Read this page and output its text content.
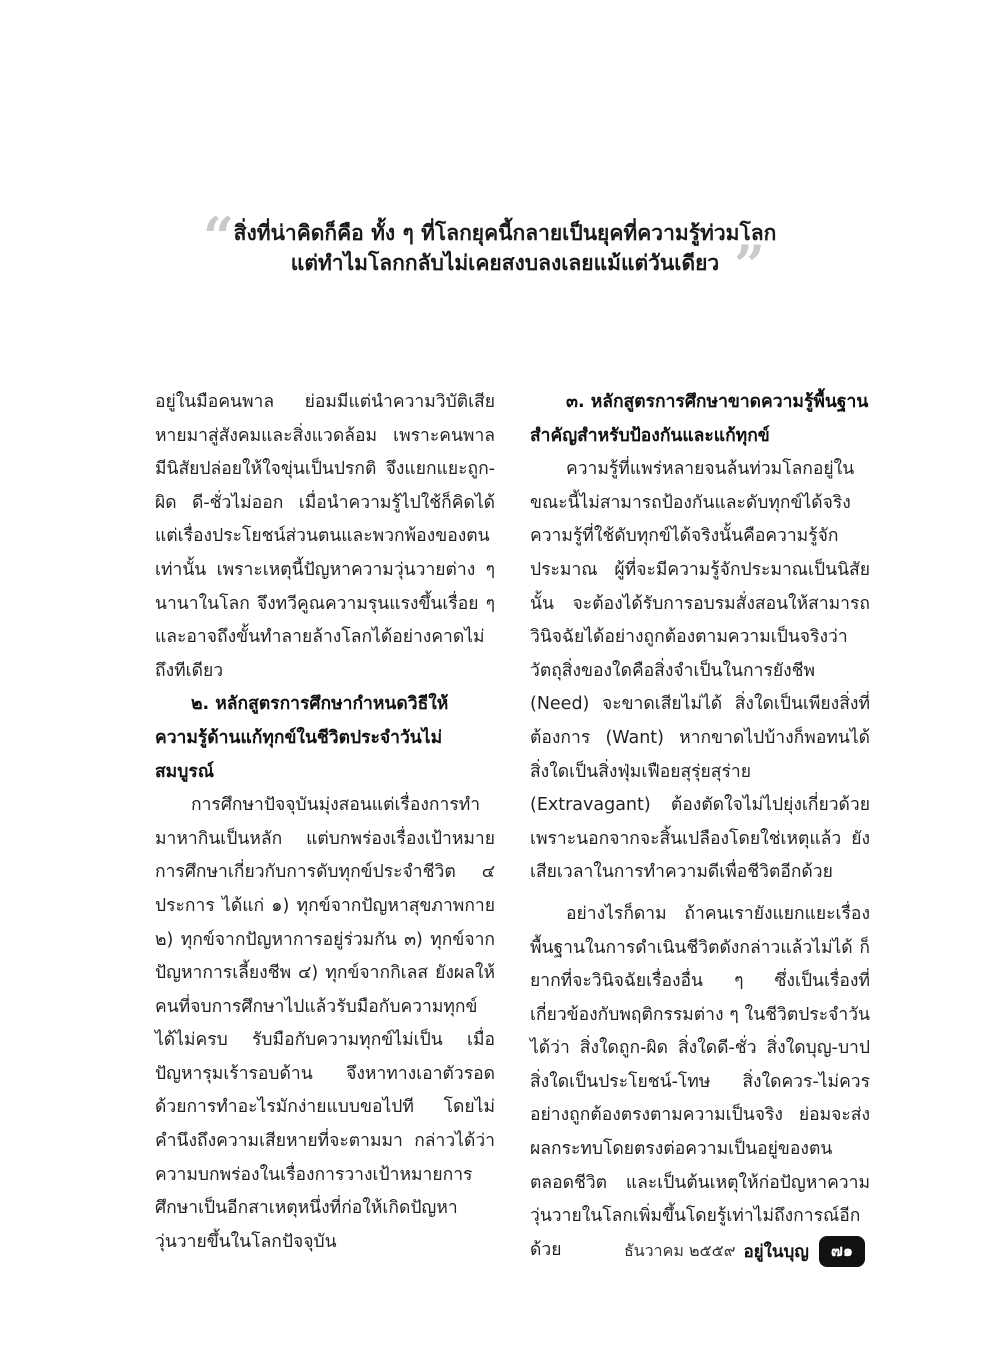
“ สิ่งที่น่าคิดก็คือ ทั้ง ๆ ที่โลกยุคนี้กลายเป็นยุคที่ความรู้ท่วมโลก
แต่ทำไมโลกกลับไม่เคยสงบลงเลยแม้แต่วันเดียว ”

อยู่ในมือคนพาล ย่อมมีแต่นำความวิบัติเสียหายมาสู่สังคมและสิ่งแวดล้อม เพราะคนพาลมีนิสัยปล่อยให้ใจขุ่นเป็นปรกติ จึงแยกแยะถูก-ผิด ดี-ชั่วไม่ออก เมื่อนำความรู้ไปใช้ก็คิดได้แต่เรื่องประโยชน์ส่วนตนและพวกพ้องของตนเท่านั้น เพราะเหตุนี้ปัญหาความวุ่นวายต่าง ๆ นานาในโลก จึงทวีคูณความรุนแรงขึ้นเรื่อย ๆ และอาจถึงขั้นทำลายล้างโลกได้อย่างคาดไม่ถึงทีเดียว

๒. หลักสูตรการศึกษากำหนดวิธีให้
ความรู้ด้านแก้ทุกข์ในชีวิตประจำวันไม่สมบูรณ์

การศึกษาปัจจุบันมุ่งสอนแต่เรื่องการทำมาหากินเป็นหลัก แต่บกพร่องเรื่องเป้าหมายการศึกษาเกี่ยวกับการดับทุกข์ประจำชีวิต ๔ ประการ ได้แก่ ๑) ทุกข์จากปัญหาสุขภาพกาย ๒) ทุกข์จากปัญหาการอยู่ร่วมกัน ๓) ทุกข์จากปัญหาการเลี้ยงชีพ ๔) ทุกข์จากกิเลส ยังผลให้คนที่จบการศึกษาไปแล้วรับมือกับความทุกข์ได้ไม่ครบ รับมือกับความทุกข์ไม่เป็น เมื่อปัญหารุมเร้ารอบด้าน จึงหาทางเอาตัวรอดด้วยการทำอะไรมักง่ายแบบขอไปที โดยไม่คำนึงถึงความเสียหายที่จะตามมา กล่าวได้ว่า ความบกพร่องในเรื่องการวางเป้าหมายการศึกษาเป็นอีกสาเหตุหนึ่งที่ก่อให้เกิดปัญหาวุ่นวายขึ้นในโลกปัจจุบัน

๓. หลักสูตรการศึกษาขาดความรู้พื้นฐาน
สำคัญสำหรับป้องกันและแก้ทุกข์

ความรู้ที่แพร่หลายจนล้นท่วมโลกอยู่ในขณะนี้ไม่สามารถป้องกันและดับทุกข์ได้จริง ความรู้ที่ใช้ดับทุกข์ได้จริงนั้นคือความรู้จักประมาณ ผู้ที่จะมีความรู้จักประมาณเป็นนิสัยนั้น จะต้องได้รับการอบรมสั่งสอนให้สามารถวินิจฉัยได้อย่างถูกต้องตามความเป็นจริงว่า วัตถุสิ่งของใดคือสิ่งจำเป็นในการยังชีพ (Need) จะขาดเสียไม่ได้ สิ่งใดเป็นเพียงสิ่งที่ต้องการ (Want) หากขาดไปบ้างก็พอทนได้ สิ่งใดเป็นสิ่งฟุ่มเฟือยสุรุ่ยสุร่าย (Extravagant) ต้องตัดใจไม่ไปยุ่งเกี่ยวด้วย เพราะนอกจากจะสิ้นเปลืองโดยใช่เหตุแล้ว ยังเสียเวลาในการทำความดีเพื่อชีวิตอีกด้วย

อย่างไรก็ดาม ถ้าคนเรายังแยกแยะเรื่องพื้นฐานในการดำเนินชีวิตดังกล่าวแล้วไม่ได้ ก็ยากที่จะวินิจฉัยเรื่องอื่น ๆ ซึ่งเป็นเรื่องที่เกี่ยวข้องกับพฤติกรรมต่าง ๆ ในชีวิตประจำวัน ได้ว่า สิ่งใดถูก-ผิด สิ่งใดดี-ชั่ว สิ่งใดบุญ-บาป สิ่งใดเป็นประโยชน์-โทษ สิ่งใดควร-ไม่ควร อย่างถูกต้องตรงตามความเป็นจริง ย่อมจะส่งผลกระทบโดยตรงต่อความเป็นอยู่ของตนตลอดชีวิต และเป็นต้นเหตุให้ก่อปัญหาความวุ่นวายในโลกเพิ่มขึ้นโดยรู้เท่าไม่ถึงการณ์อีกด้วย	ธันวาคม ๒๕๕๙ อยู่ในบุญ	๗๑
